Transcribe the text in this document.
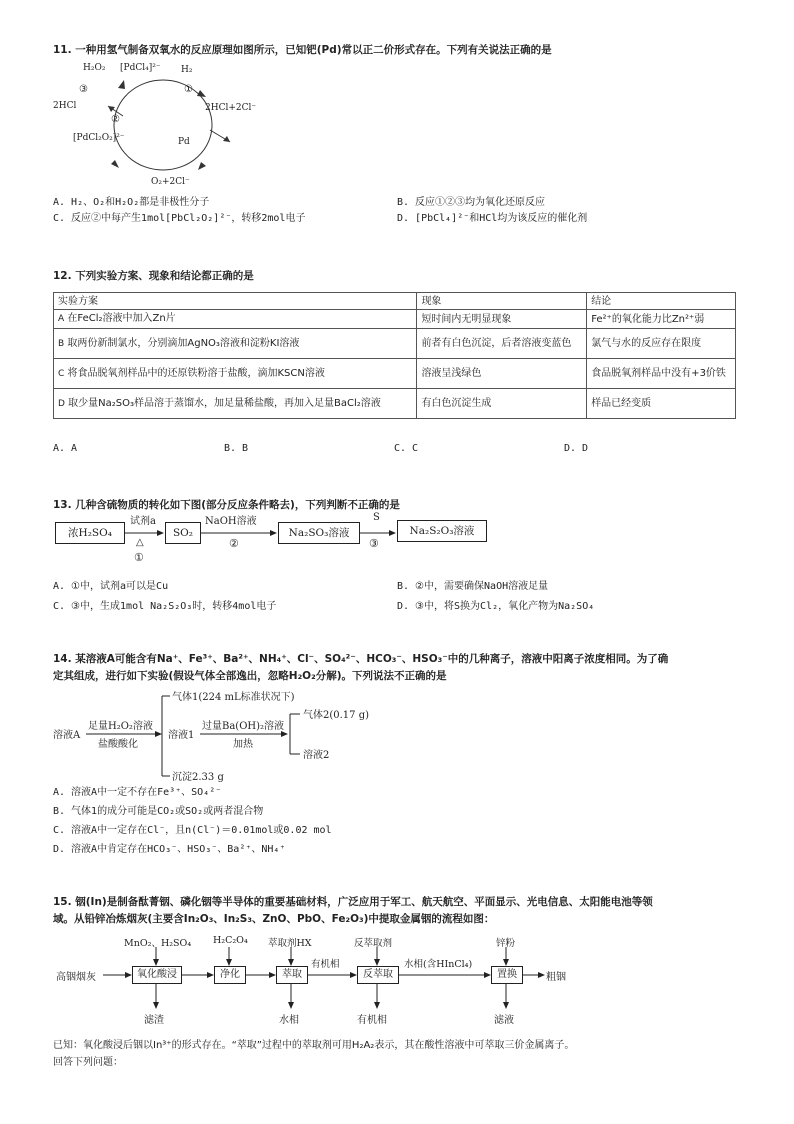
11. 一种用氢气制备双氧水的反应原理如图所示，已知钯(Pd)常以正二价形式存在。下列有关说法正确的是
H₂O₂ [PdCl₄]²⁻ H₂
③	①
2HCl	2HCl+2Cl⁻
②
[PdCl₂O₂]²⁻	Pd
O₂+2Cl⁻
A. H₂、O₂和H₂O₂都是非极性分子	B. 反应①②③均为氧化还原反应
C. 反应②中每产生1mol[PbCl₂O₂]²⁻，转移2mol电子	D. [PbCl₄]²⁻和HCl均为该反应的催化剂
12. 下列实验方案、现象和结论都正确的是
实验方案	现象	结论
A 在FeCl₂溶液中加入Zn片	短时间内无明显现象	Fe²⁺的氧化能力比Zn²⁺弱
B 取两份新制氯水，分别滴加AgNO₃溶液和淀粉KI溶液	前者有白色沉淀，后者溶液变蓝色	氯气与水的反应存在限度
C 将食品脱氧剂样品中的还原铁粉溶于盐酸，滴加KSCN溶液	溶液呈浅绿色	食品脱氧剂样品中没有+3价铁
D 取少量Na₂SO₃样品溶于蒸馏水，加足量稀盐酸，再加入足量BaCl₂溶液	有白色沉淀生成	样品已经变质
A. A	B. B	C. C	D. D
13. 几种含硫物质的转化如下图(部分反应条件略去)，下列判断不正确的是
浓H₂SO₄
试剂a
△
①
SO₂
NaOH溶液
②
Na₂SO₃溶液
S
③
Na₂S₂O₃溶液
A. ①中，试剂a可以是Cu	B. ②中，需要确保NaOH溶液足量
C. ③中，生成1mol Na₂S₂O₃时，转移4mol电子	D. ③中，将S换为Cl₂，氧化产物为Na₂SO₄
14. 某溶液A可能含有Na⁺、Fe³⁺、Ba²⁺、NH₄⁺、Cl⁻、SO₄²⁻、HCO₃⁻、HSO₃⁻中的几种离子，溶液中阳离子浓度相同。为了确
定其组成，进行如下实验(假设气体全部逸出，忽略H₂O₂分解)。下列说法不正确的是
溶液A
足量H₂O₂溶液
盐酸酸化
气体1(224 mL标准状况下)
溶液1
过量Ba(OH)₂溶液
加热
气体2(0.17 g)
溶液2
沉淀2.33 g
A. 溶液A中一定不存在Fe³⁺、SO₄²⁻
B. 气体1的成分可能是CO₂或SO₂或两者混合物
C. 溶液A中一定存在Cl⁻，且n(Cl⁻)＝0.01mol或0.02 mol
D. 溶液A中肯定存在HCO₃⁻、HSO₃⁻、Ba²⁺、NH₄⁺
15. 铟(In)是制备酞菁铟、磷化铟等半导体的重要基础材料，广泛应用于军工、航天航空、平面显示、光电信息、太阳能电池等领
域。从铅锌冶炼烟灰(主要含In₂O₃、In₂S₃、ZnO、PbO、Fe₂O₃)中提取金属铟的流程如图：
MnO₂、H₂SO₄ H₂C₂O₄ 萃取剂HX	反萃取剂	锌粉
高铟烟灰	氧化酸浸	净化	萃取
有机相
反萃取
水相(含HInCl₄)
置换	粗铟
滤渣	水相	有机相	滤液
已知：氧化酸浸后铟以In³⁺的形式存在。“萃取”过程中的萃取剂可用H₂A₂表示，其在酸性溶液中可萃取三价金属离子。
回答下列问题：
